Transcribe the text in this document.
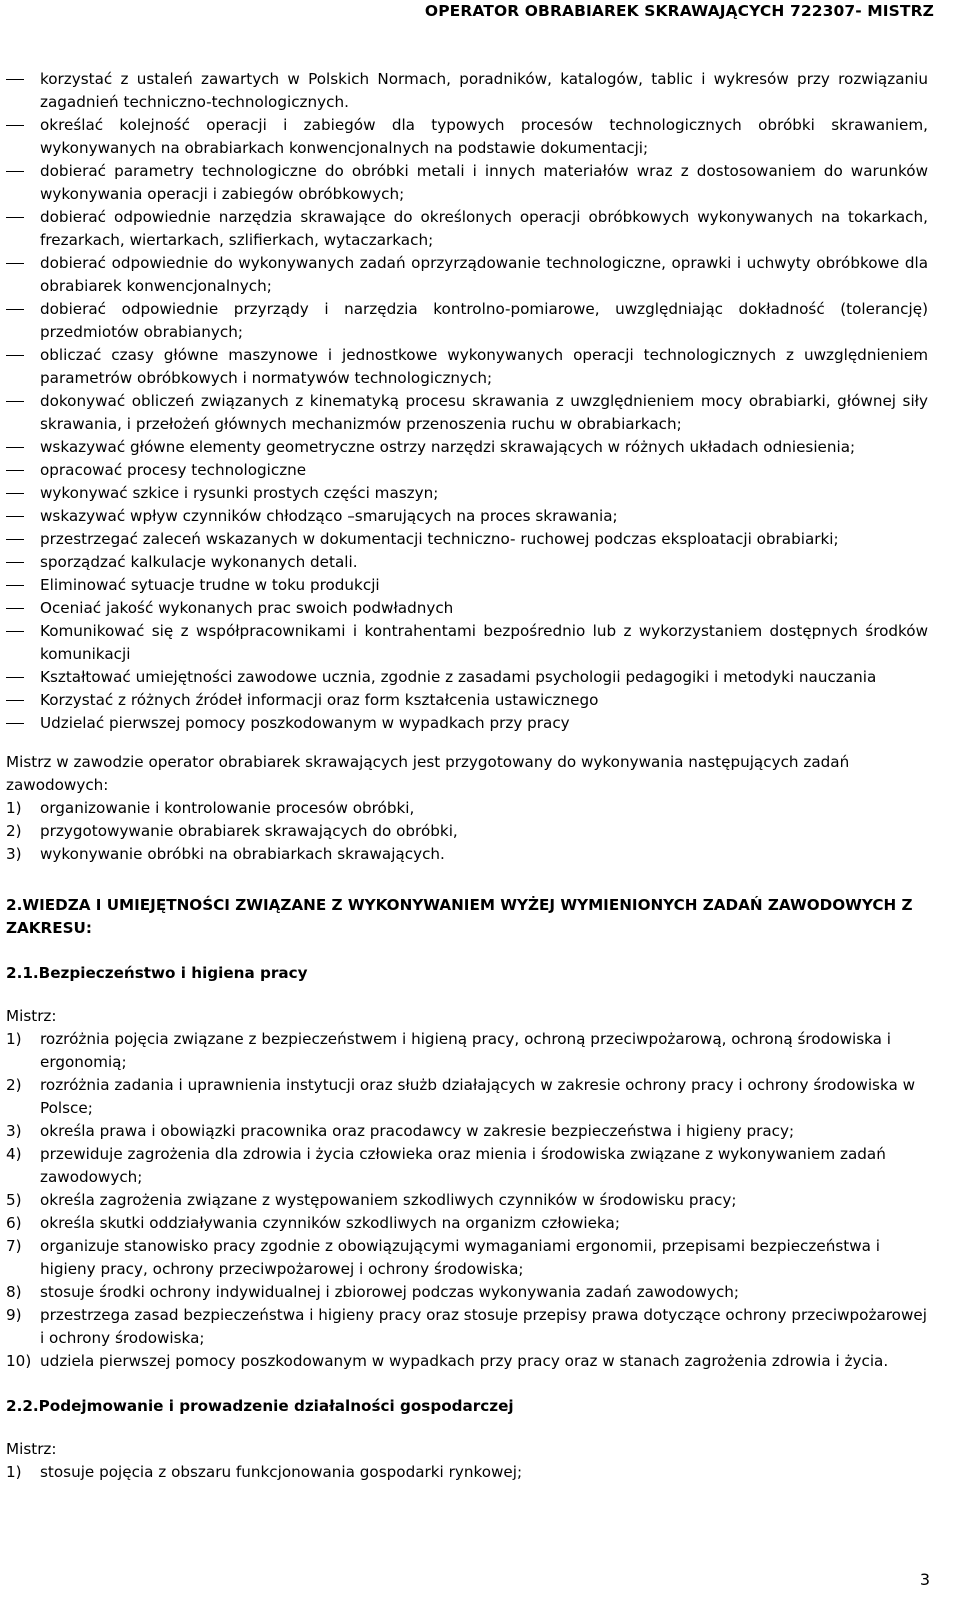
OPERATOR OBRABIAREK SKRAWAJĄCYCH 722307- MISTRZ
korzystać z ustaleń zawartych w Polskich Normach, poradników, katalogów, tablic i wykresów przy rozwiązaniu zagadnień techniczno-technologicznych.
określać kolejność operacji i zabiegów dla typowych procesów technologicznych obróbki skrawaniem, wykonywanych na obrabiarkach konwencjonalnych na podstawie dokumentacji;
dobierać parametry technologiczne do obróbki metali i innych materiałów wraz z dostosowaniem do warunków wykonywania operacji i zabiegów obróbkowych;
dobierać odpowiednie narzędzia skrawające do określonych operacji obróbkowych wykonywanych na tokarkach, frezarkach, wiertarkach, szlifierkach, wytaczarkach;
dobierać odpowiednie do wykonywanych zadań oprzyrządowanie technologiczne, oprawki i uchwyty obróbkowe dla obrabiarek konwencjonalnych;
dobierać odpowiednie przyrządy i narzędzia kontrolno-pomiarowe, uwzględniając dokładność (tolerancję) przedmiotów obrabianych;
obliczać czasy główne maszynowe i jednostkowe wykonywanych operacji technologicznych z uwzględnieniem parametrów obróbkowych i normatywów technologicznych;
dokonywać obliczeń związanych z kinematyką procesu skrawania z uwzględnieniem mocy obrabiarki, głównej siły skrawania, i przełożeń głównych mechanizmów przenoszenia ruchu w obrabiarkach;
wskazywać główne elementy geometryczne ostrzy narzędzi skrawających w różnych układach odniesienia;
opracować procesy technologiczne
wykonywać szkice i rysunki prostych części maszyn;
wskazywać wpływ czynników chłodząco –smarujących na proces skrawania;
przestrzegać zaleceń wskazanych w dokumentacji techniczno- ruchowej podczas eksploatacji obrabiarki;
sporządzać kalkulacje wykonanych detali.
Eliminować sytuacje trudne w toku produkcji
Oceniać jakość wykonanych prac swoich podwładnych
Komunikować się z współpracownikami i kontrahentami bezpośrednio lub z wykorzystaniem dostępnych środków komunikacji
Kształtować umiejętności zawodowe ucznia, zgodnie z zasadami psychologii pedagogiki i metodyki nauczania
Korzystać z różnych źródeł informacji oraz form kształcenia ustawicznego
Udzielać pierwszej pomocy poszkodowanym w wypadkach przy pracy

Mistrz w zawodzie operator obrabiarek skrawających jest przygotowany do wykonywania następujących zadań zawodowych:

1) organizowanie i kontrolowanie procesów obróbki,
2) przygotowywanie obrabiarek skrawających do obróbki,
3) wykonywanie obróbki na obrabiarkach skrawających.

2.WIEDZA I UMIEJĘTNOŚCI ZWIĄZANE Z WYKONYWANIEM WYŻEJ WYMIENIONYCH ZADAŃ ZAWODOWYCH Z ZAKRESU:

2.1.Bezpieczeństwo i higiena pracy

Mistrz:

1) rozróżnia pojęcia związane z bezpieczeństwem i higieną pracy, ochroną przeciwpożarową, ochroną środowiska i ergonomią;
2) rozróżnia zadania i uprawnienia instytucji oraz służb działających w zakresie ochrony pracy i ochrony środowiska w Polsce;
3) określa prawa i obowiązki pracownika oraz pracodawcy w zakresie bezpieczeństwa i higieny pracy;
4) przewiduje zagrożenia dla zdrowia i życia człowieka oraz mienia i środowiska związane z wykonywaniem zadań zawodowych;
5) określa zagrożenia związane z występowaniem szkodliwych czynników w środowisku pracy;
6) określa skutki oddziaływania czynników szkodliwych na organizm człowieka;
7) organizuje stanowisko pracy zgodnie z obowiązującymi wymaganiami ergonomii, przepisami bezpieczeństwa i higieny pracy, ochrony przeciwpożarowej i ochrony środowiska;
8) stosuje środki ochrony indywidualnej i zbiorowej podczas wykonywania zadań zawodowych;
9) przestrzega zasad bezpieczeństwa i higieny pracy oraz stosuje przepisy prawa dotyczące ochrony przeciwpożarowej i ochrony środowiska;
10) udziela pierwszej pomocy poszkodowanym w wypadkach przy pracy oraz w stanach zagrożenia zdrowia i życia.

2.2.Podejmowanie i prowadzenie działalności gospodarczej

Mistrz:

1) stosuje pojęcia z obszaru funkcjonowania gospodarki rynkowej;
3
